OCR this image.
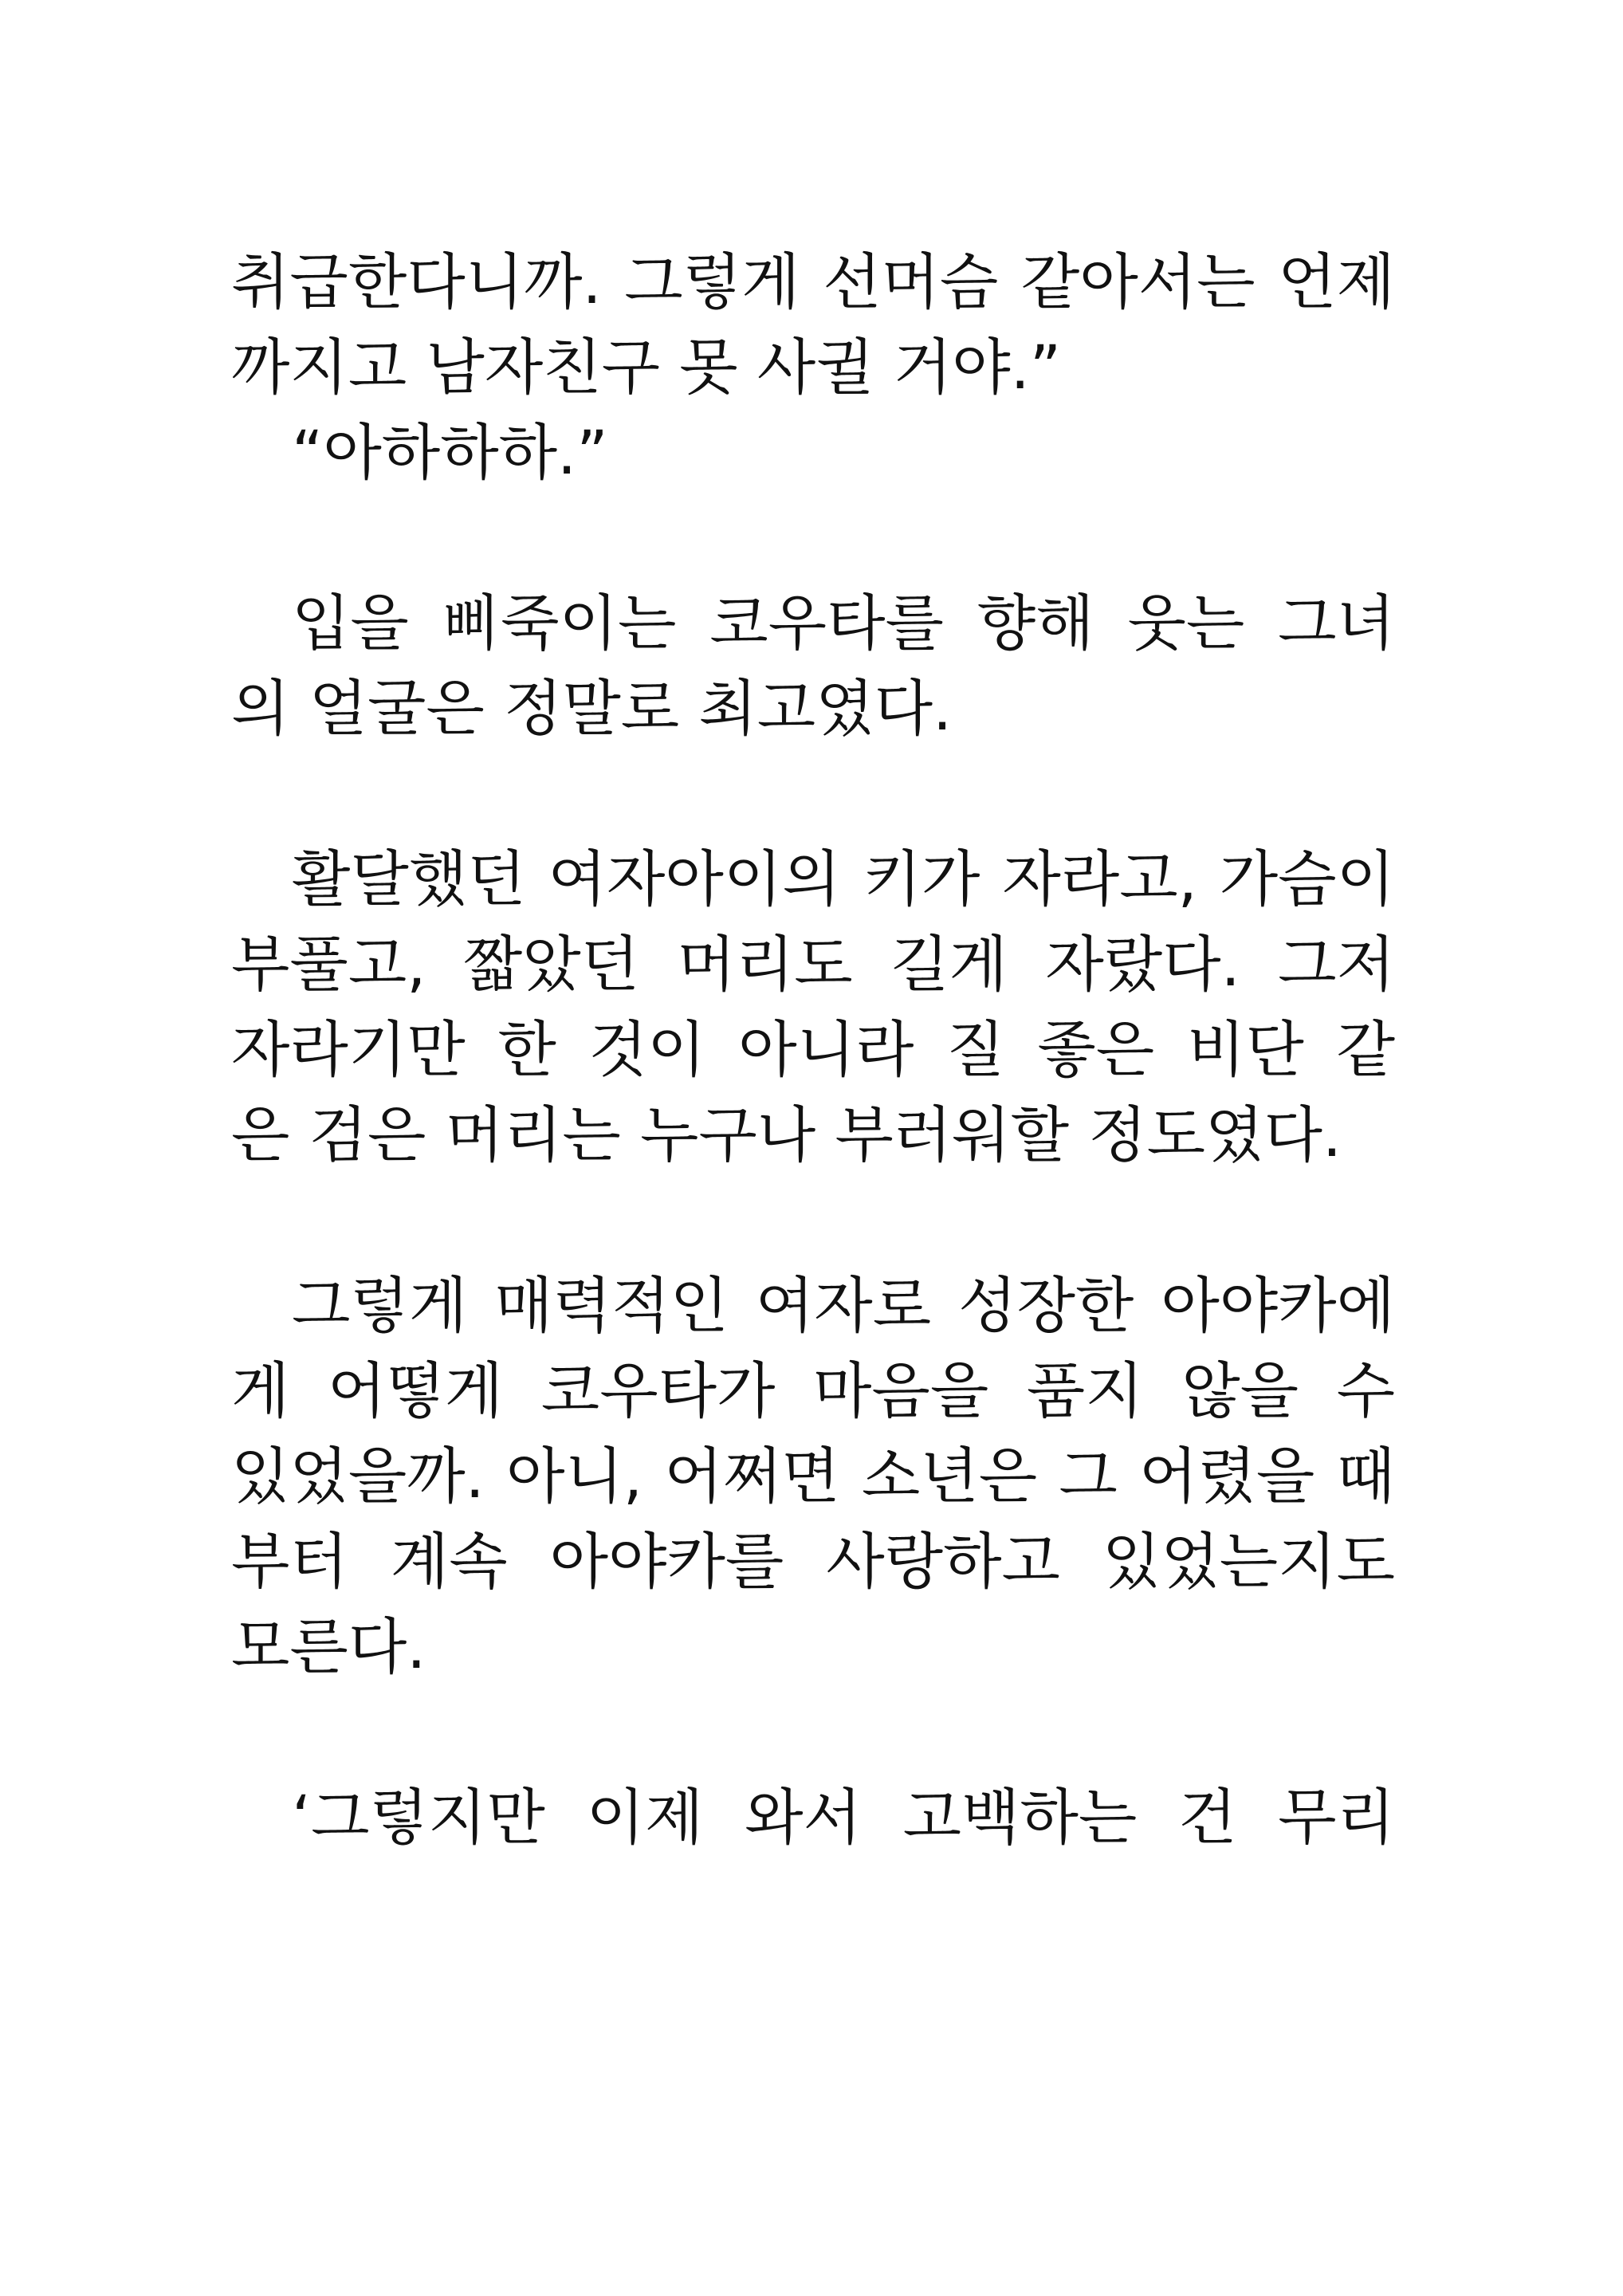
취급한다니까. 그렇게 선머슴 같아서는 언제
까지고 남자친구 못 사귈 거야.”
“아하하하.”
입을 삐죽이는 코우타를 향해 웃는 그녀
의 얼굴은 정말로 최고였다.
활달했던 여자아이의 키가 자라고, 가슴이
부풀고, 짧았던 머리도 길게 자랐다. 그저
자라기만 한 것이 아니라 질 좋은 비단 같
은 검은 머리는 누구나 부러워할 정도였다.
그렇게 매력적인 여자로 성장한 아야카에
게 어떻게 코우타가 마음을 품지 않을 수
있었을까. 아니, 어쩌면 소년은 그 어렸을 때
부터 계속 아야카를 사랑하고 있었는지도
모른다.
‘그렇지만 이제 와서 고백하는 건 무리
